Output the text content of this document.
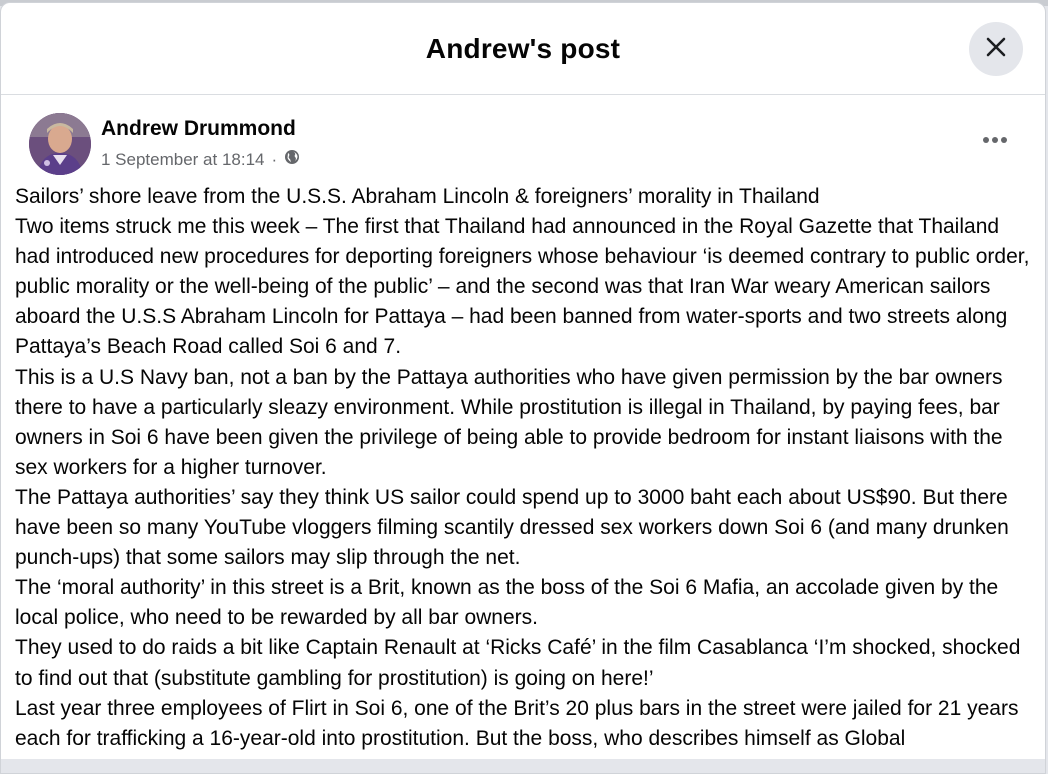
Andrew's post
Andrew Drummond
1 September at 18:14 ·

Sailors’ shore leave from the U.S.S. Abraham Lincoln & foreigners’ morality in Thailand

Two items struck me this week – The first that Thailand had announced in the Royal Gazette that Thailand had introduced new procedures for deporting foreigners whose behaviour ‘is deemed contrary to public order, public morality or the well-being of the public’ – and the second was that Iran War weary American sailors aboard the U.S.S Abraham Lincoln for Pattaya – had been banned from water-sports and two streets along Pattaya’s Beach Road called Soi 6 and 7.

This is a U.S Navy ban, not a ban by the Pattaya authorities who have given permission by the bar owners there to have a particularly sleazy environment. While prostitution is illegal in Thailand, by paying fees, bar owners in Soi 6 have been given the privilege of being able to provide bedroom for instant liaisons with the sex workers for a higher turnover.

The Pattaya authorities’ say they think US sailor could spend up to 3000 baht each about US$90. But there have been so many YouTube vloggers filming scantily dressed sex workers down Soi 6 (and many drunken punch-ups) that some sailors may slip through the net.

The ‘moral authority’ in this street is a Brit, known as the boss of the Soi 6 Mafia, an accolade given by the local police, who need to be rewarded by all bar owners.

They used to do raids a bit like Captain Renault at ‘Ricks Café’ in the film Casablanca ‘I’m shocked, shocked to find out that (substitute gambling for prostitution) is going on here!’

Last year three employees of Flirt in Soi 6, one of the Brit’s 20 plus bars in the street were jailed for 21 years each for trafficking a 16-year-old into prostitution. But the boss, who describes himself as Global
